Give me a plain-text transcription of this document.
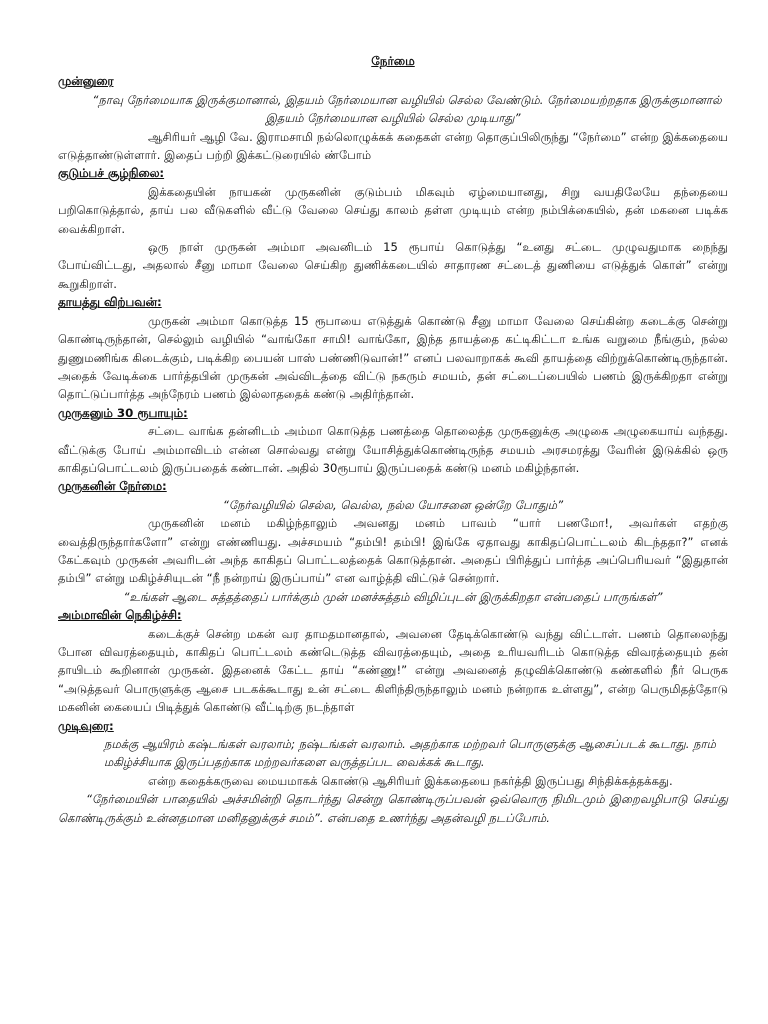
நேர்மை

முன்னுரை

“நாவு நேர்மையாக இருக்குமானால், இதயம் நேர்மையான வழியில் செல்ல வேண்டும். நேர்மையற்றதாக இருக்குமானால் இதயம் நேர்மையான வழியில் செல்ல முடியாது”

ஆசிரியர் ஆழி வே. இராமசாமி நல்லொழுக்கக் கதைகள் என்ற தொகுப்பிலிருந்து “நேர்மை” என்ற இக்கதையை எடுத்தாண்டுள்ளார். இதைப் பற்றி இக்கட்டுரையில் ண்போம்

குடும்பச் சூழ்நிலை:

இக்கதையின் நாயகன் முருகனின் குடும்பம் மிகவும் ஏழ்மையானது, சிறு வயதிலேயே தந்தையை பறிகொடுத்தால், தாய் பல வீடுகளில் வீட்டு வேலை செய்து காலம் தள்ள முடியும் என்ற நம்பிக்கையில், தன் மகனை படிக்க வைக்கிறாள்.

ஒரு நாள் முருகன் அம்மா அவனிடம் 15 ரூபாய் கொடுத்து “உனது சட்டை முழுவதுமாக நைந்து போய்விட்டது, அதலால் சீனு மாமா வேலை செய்கிற துணிக்கடையில் சாதாரண சட்டைத் துணியை எடுத்துக் கொள்” என்று கூறுகிறாள்.

தாயத்து விற்பவன்:

முருகன் அம்மா கொடுத்த 15 ரூபாயை எடுத்துக் கொண்டு சீனு மாமா வேலை செய்கின்ற கடைக்கு சென்று கொண்டிருந்தான், செல்லும் வழியில் “வாங்கோ சாமி! வாங்கோ, இந்த தாயத்தை கட்டிகிட்டா உங்க வறுமை நீங்கும், நல்ல துணுமணிங்க கிடைக்கும், படிக்கிற பையன் பாஸ் பண்ணிடுவான்!” எனப் பலவாறாகக் கூவி தாயத்தை விற்றுக்கொண்டிருந்தான். அதைக் வேடிக்கை பார்த்தபின் முருகன் அவ்விடத்தை விட்டு நகரும் சமயம், தன் சட்டைப்பையில் பணம் இருக்கிறதா என்று தொட்டுப்பார்த்த அந்நேரம் பணம் இல்லாததைக் கண்டு அதிர்ந்தான்.

முருகனும் 30 ரூபாயும்:

சட்டை வாங்க தன்னிடம் அம்மா கொடுத்த பணத்தை தொலைத்த முருகனுக்கு அழுகை அழுகையாய் வந்தது. வீட்டுக்கு போய் அம்மாவிடம் என்ன சொல்வது என்று யோசித்துக்கொண்டிருந்த சமயம் அரசமரத்து வேரின் இடுக்கில் ஒரு காகிதப்பொட்டலம் இருப்பதைக் கண்டான். அதில் 30ரூபாய் இருப்பதைக் கண்டு மனம் மகிழ்ந்தான்.

முருகனின் நேர்மை:

“நேர்வழியில் செல்ல, வெல்ல, நல்ல யோசனை ஒன்றே போதும்”

முருகனின் மனம் மகிழ்ந்தாலும் அவனது மனம் பாவம் “யார் பணமோ!, அவர்கள் எதற்கு வைத்திருந்தார்களோ” என்று எண்ணியது. அச்சமயம் “தம்பி! தம்பி! இங்கே ஏதாவது காகிதப்பொட்டலம் கிடந்ததா?” எனக் கேட்கவும் முருகன் அவரிடன் அந்த காகிதப் பொட்டலத்தைக் கொடுத்தான். அதைப் பிரித்துப் பார்த்த அப்பெரியவர் “இதுதான் தம்பி” என்று மகிழ்ச்சியுடன் “நீ நன்றாய் இருப்பாய்” என வாழ்த்தி விட்டுச் சென்றார்.

“உங்கள் ஆடை சுத்தத்தைப் பார்க்கும் முன் மனச்சுத்தம் விழிப்புடன் இருக்கிறதா என்பதைப் பாருங்கள்”

அம்மாவின் நெகிழ்ச்சி:

கடைக்குச் சென்ற மகன் வர தாமதமானதால், அவனை தேடிக்கொண்டு வந்து விட்டாள். பணம் தொலைந்து போன விவரத்தையும், காகிதப் பொட்டலம் கண்டெடுத்த விவரத்தையும், அதை உரியவரிடம் கொடுத்த விவரத்தையும் தன் தாயிடம் கூறினான் முருகன். இதனைக் கேட்ட தாய் “கண்ணு!” என்று அவனைத் தழுவிக்கொண்டு கண்களில் நீர் பெருக “அடுத்தவர் பொருளுக்கு ஆசை படகக்கூடாது உன் சட்டை கிளிந்திருந்தாலும் மனம் நன்றாக உள்ளது”, என்ற பெருமிதத்தோடு மகனின் கையைப் பிடித்துக் கொண்டு வீட்டிற்கு நடந்தாள்

முடிவுரை:

நமக்கு ஆயிரம் கஷ்டங்கள் வரலாம்; நஷ்டங்கள் வரலாம். அதற்காக மற்றவர் பொருளுக்கு ஆசைப்படக் கூடாது. நாம் மகிழ்ச்சியாக இருப்பதற்காக மற்றவர்களை வருத்தப்பட வைக்கக் கூடாது.

என்ற கதைக்கருவை மையமாகக் கொண்டு ஆசிரியர் இக்கதையை நகர்த்தி இருப்பது சிந்திக்கத்தக்கது.

“நேர்மையின் பாதையில் அச்சமின்றி தொடர்ந்து சென்று கொண்டிருப்பவன் ஒவ்வொரு நிமிடமும் இறைவழிபாடு செய்து கொண்டிருக்கும் உன்னதமான மனிதனுக்குச் சமம்”. என்பதை உணர்ந்து அதன்வழி நடப்போம்.
